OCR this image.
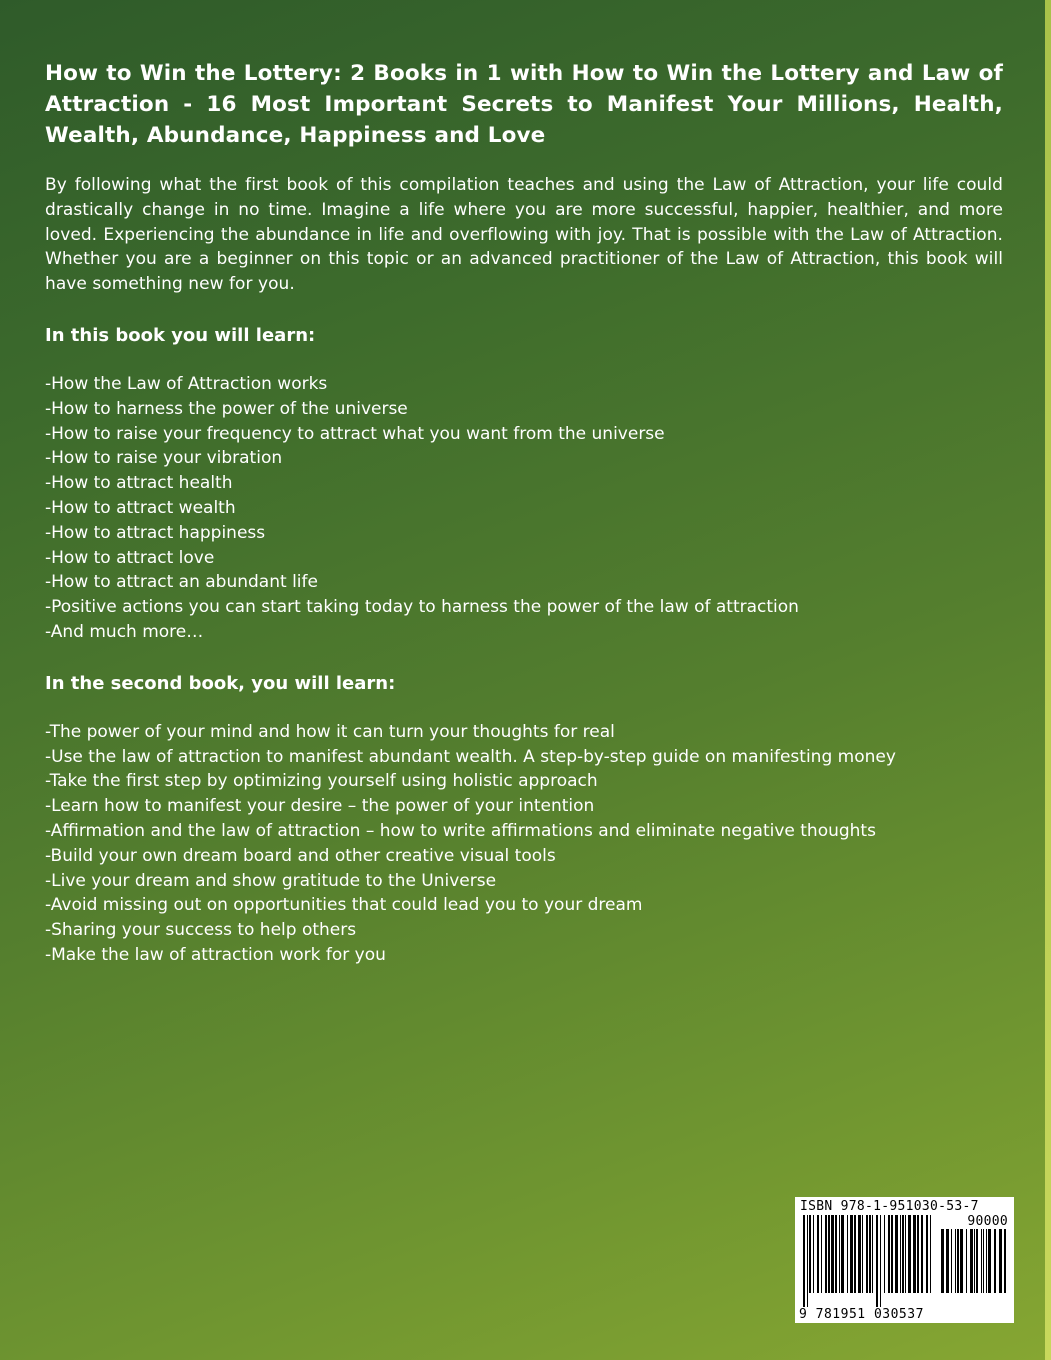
How to Win the Lottery: 2 Books in 1 with How to Win the Lottery and Law of Attraction - 16 Most Important Secrets to Manifest Your Millions, Health, Wealth, Abundance, Happiness and Love

By following what the first book of this compilation teaches and using the Law of Attraction, your life could drastically change in no time. Imagine a life where you are more successful, happier, healthier, and more loved. Experiencing the abundance in life and overflowing with joy. That is possible with the Law of Attraction. Whether you are a beginner on this topic or an advanced practitioner of the Law of Attraction, this book will have something new for you.

In this book you will learn:
-How the Law of Attraction works
-How to harness the power of the universe
-How to raise your frequency to attract what you want from the universe
-How to raise your vibration
-How to attract health
-How to attract wealth
-How to attract happiness
-How to attract love
-How to attract an abundant life
-Positive actions you can start taking today to harness the power of the law of attraction
-And much more…
In the second book, you will learn:
-The power of your mind and how it can turn your thoughts for real
-Use the law of attraction to manifest abundant wealth. A step-by-step guide on manifesting money
-Take the first step by optimizing yourself using holistic approach
-Learn how to manifest your desire – the power of your intention
-Affirmation and the law of attraction – how to write affirmations and eliminate negative thoughts
-Build your own dream board and other creative visual tools
-Live your dream and show gratitude to the Universe
-Avoid missing out on opportunities that could lead you to your dream
-Sharing your success to help others
-Make the law of attraction work for you
ISBN 978-1-951030-53-7
90000
9 781951 030537
